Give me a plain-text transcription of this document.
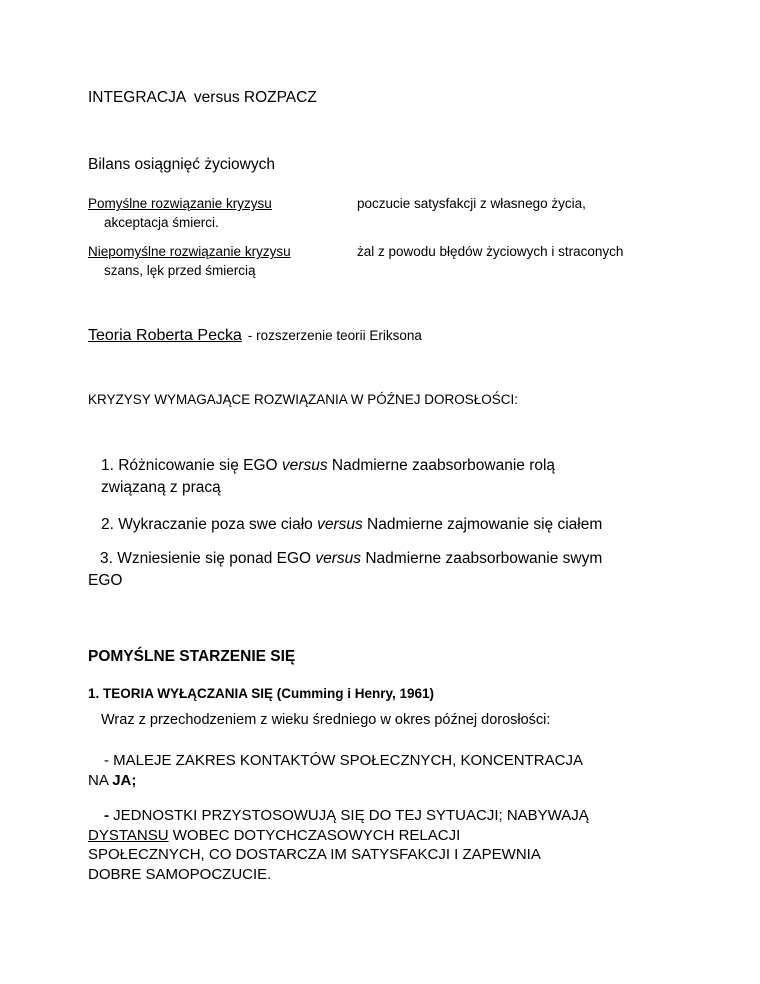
INTEGRACJA  versus ROZPACZ
Bilans osiągnięć życiowych
Pomyślne rozwiązanie kryzysu	poczucie satysfakcji z własnego życia,
akceptacja śmierci.
Niepomyślne rozwiązanie kryzysu	żal z powodu błędów życiowych i straconych
szans, lęk przed śmiercią
Teoria Roberta Pecka - rozszerzenie teorii Eriksona
KRYZYSY WYMAGAJĄCE ROZWIĄZANIA W PÓŹNEJ DOROSŁOŚCI:
1. Różnicowanie się EGO versus Nadmierne zaabsorbowanie rolą
związaną z pracą
2. Wykraczanie poza swe ciało versus Nadmierne zajmowanie się ciałem
3. Wzniesienie się ponad EGO versus Nadmierne zaabsorbowanie swym
EGO
POMYŚLNE STARZENIE SIĘ
1. TEORIA WYŁĄCZANIA SIĘ (Cumming i Henry, 1961)
Wraz z przechodzeniem z wieku średniego w okres późnej dorosłości:
- MALEJE ZAKRES KONTAKTÓW SPOŁECZNYCH, KONCENTRACJA
NA JA;
- JEDNOSTKI PRZYSTOSOWUJĄ SIĘ DO TEJ SYTUACJI; NABYWAJĄ
DYSTANSU WOBEC DOTYCHCZASOWYCH RELACJI
SPOŁECZNYCH, CO DOSTARCZA IM SATYSFAKCJI I ZAPEWNIA
DOBRE SAMOPOCZUCIE.
